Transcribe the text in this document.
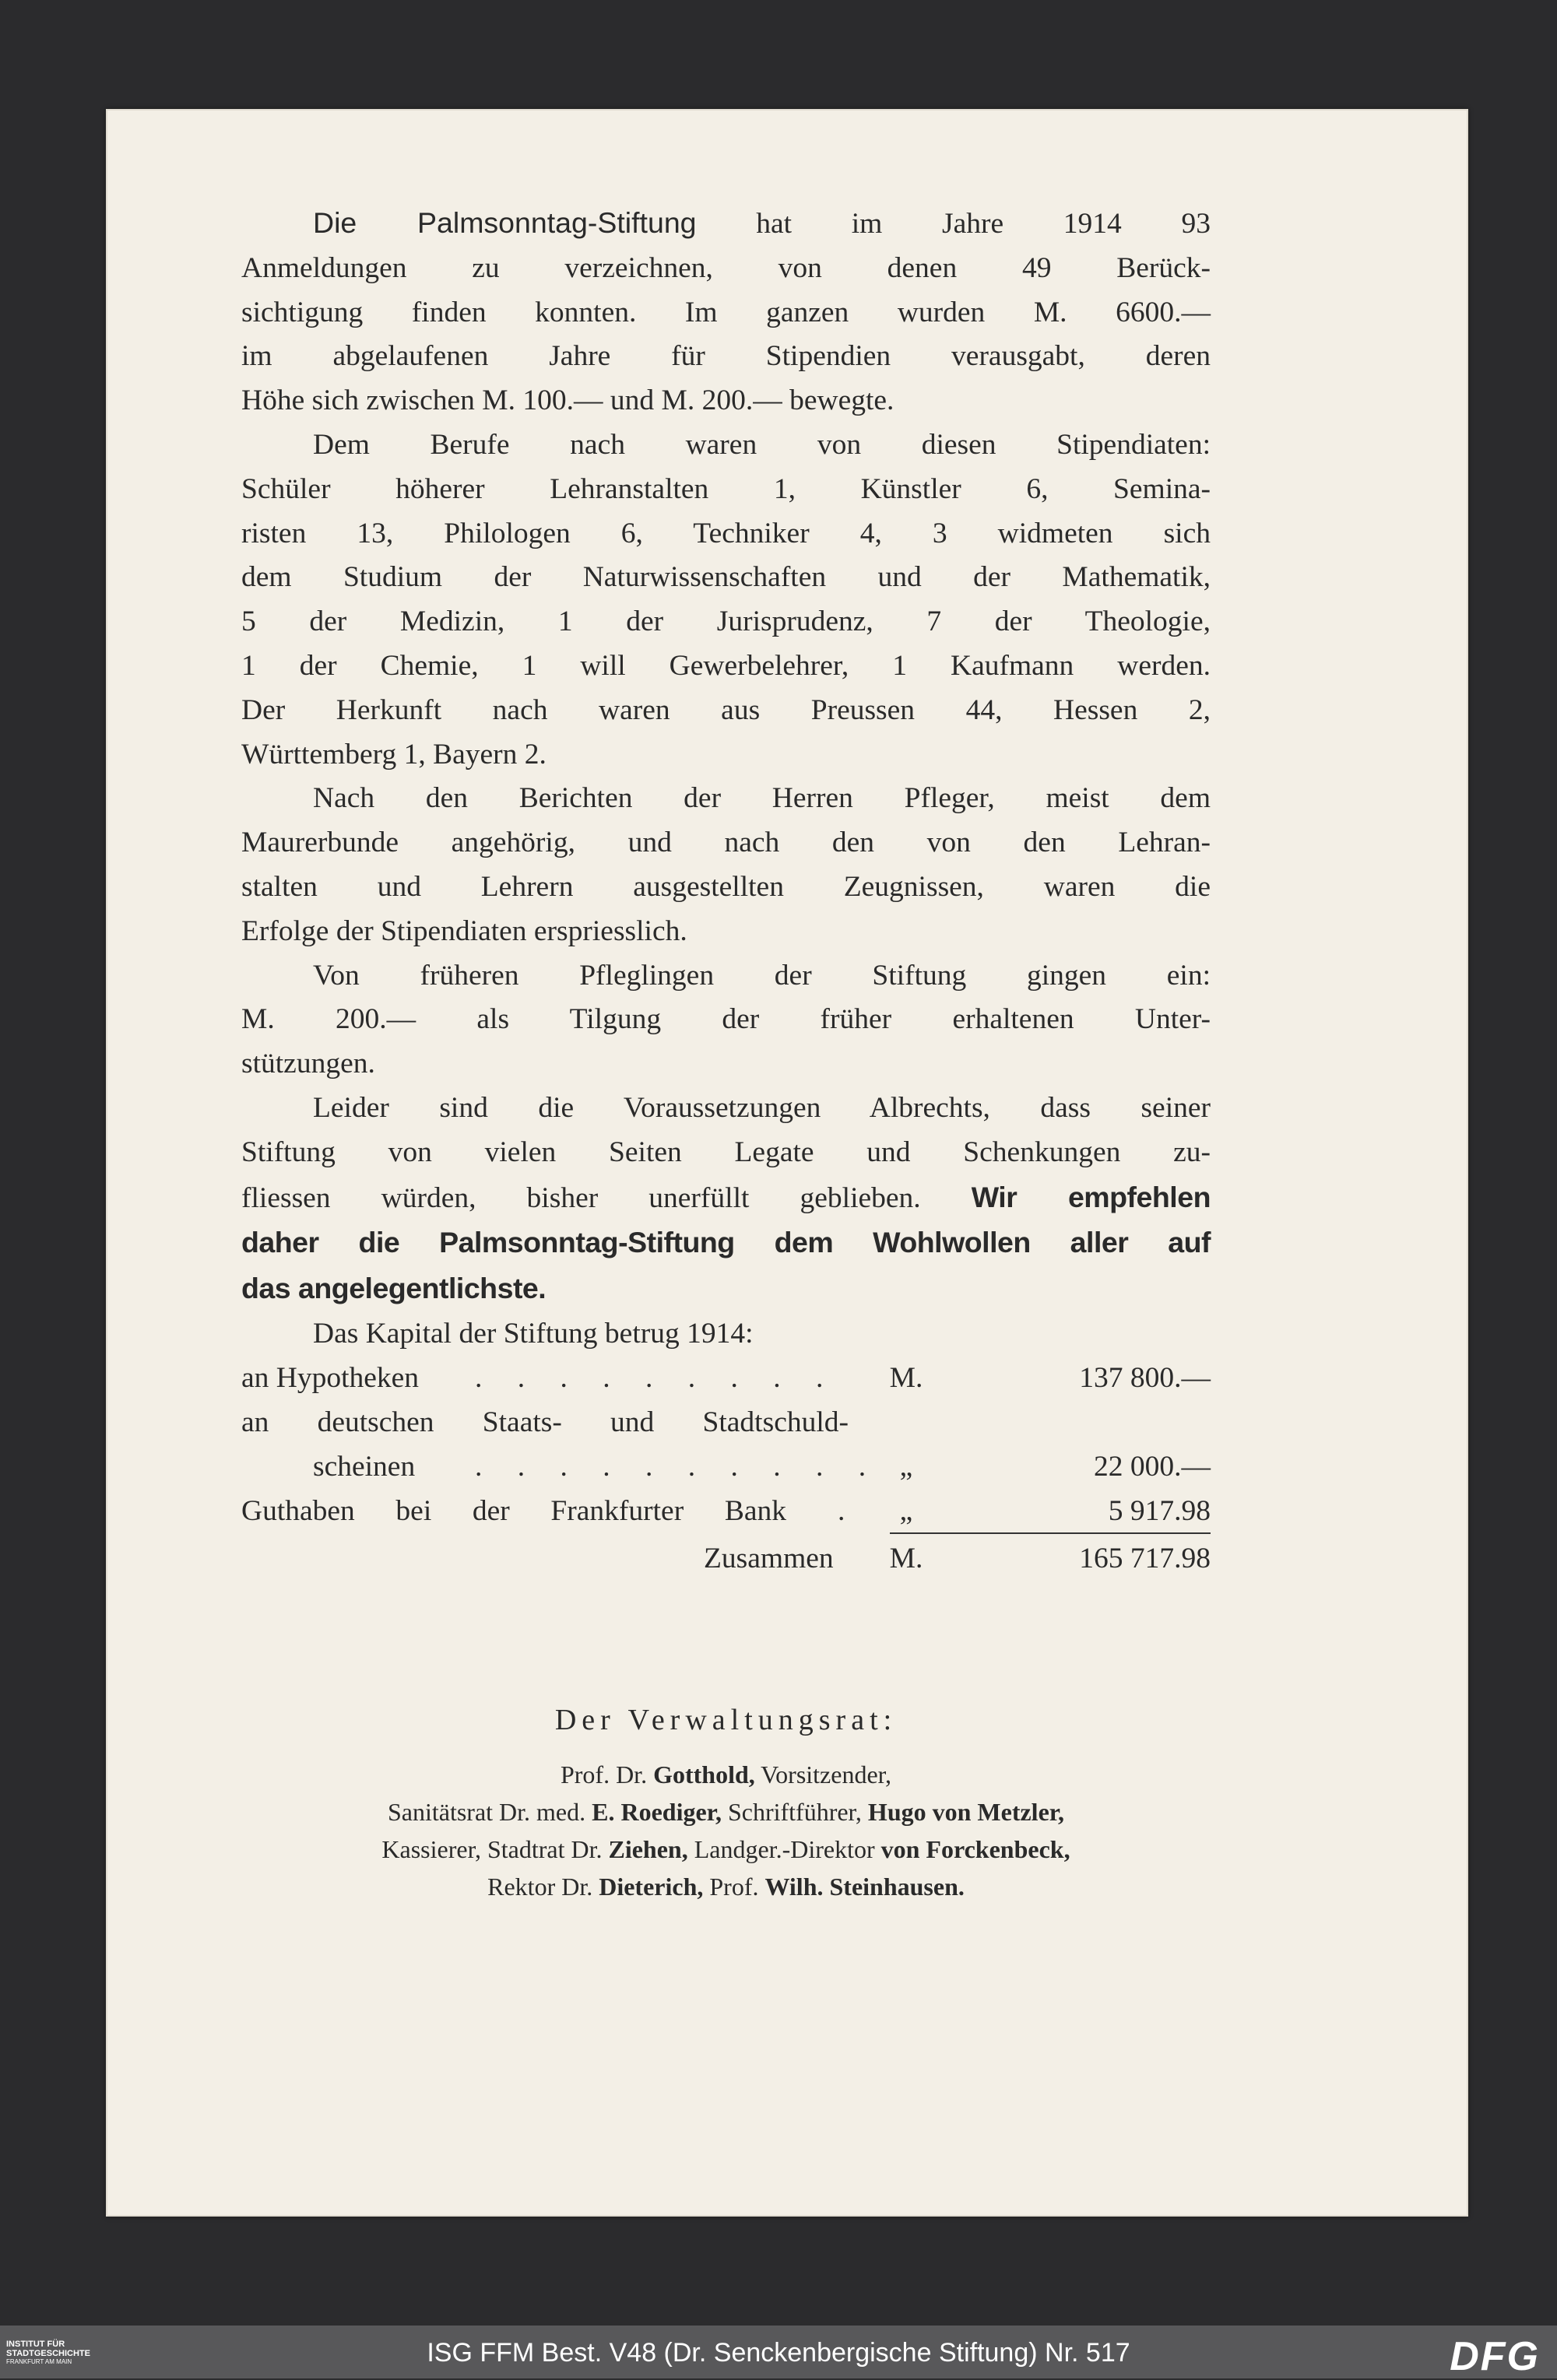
Die Palmsonntag-Stiftung hat im Jahre 1914 93
Anmeldungen zu verzeichnen, von denen 49 Berück-
sichtigung finden konnten. Im ganzen wurden M. 6600.—
im abgelaufenen Jahre für Stipendien verausgabt, deren
Höhe sich zwischen M. 100.— und M. 200.— bewegte.
Dem Berufe nach waren von diesen Stipendiaten:
Schüler höherer Lehranstalten 1, Künstler 6, Semina-
risten 13, Philologen 6, Techniker 4, 3 widmeten sich
dem Studium der Naturwissenschaften und der Mathematik,
5 der Medizin, 1 der Jurisprudenz, 7 der Theologie,
1 der Chemie, 1 will Gewerbelehrer, 1 Kaufmann werden.
Der Herkunft nach waren aus Preussen 44, Hessen 2,
Württemberg 1, Bayern 2.
Nach den Berichten der Herren Pfleger, meist dem
Maurerbunde angehörig, und nach den von den Lehran-
stalten und Lehrern ausgestellten Zeugnissen, waren die
Erfolge der Stipendiaten erspriesslich.
Von früheren Pfleglingen der Stiftung gingen ein:
M. 200.— als Tilgung der früher erhaltenen Unter-
stützungen.
Leider sind die Voraussetzungen Albrechts, dass seiner
Stiftung von vielen Seiten Legate und Schenkungen zu-
fliessen würden, bisher unerfüllt geblieben. Wir empfehlen
daher die Palmsonntag-Stiftung dem Wohlwollen aller auf
das angelegentlichste.
Das Kapital der Stiftung betrug 1914:
an Hypotheken . . . . . . . . . M.	137 800.—
an deutschen Staats- und Stadtschuld-
scheinen . . . . . . . . . . „	22 000.—
Guthaben bei der Frankfurter Bank .	„	5 917.98
Zusammen M.	165 717.98
Der Verwaltungsrat:
Prof. Dr. Gotthold, Vorsitzender,
Sanitätsrat Dr. med. E. Roediger, Schriftführer, Hugo von Metzler,
Kassierer, Stadtrat Dr. Ziehen, Landger.-Direktor von Forckenbeck,
Rektor Dr. Dieterich, Prof. Wilh. Steinhausen.
INSTITUT FÜR
STADTGESCHICHTE
FRANKFURT AM MAIN	ISG FFM Best. V48 (Dr. Senckenbergische Stiftung) Nr. 517	DFG
